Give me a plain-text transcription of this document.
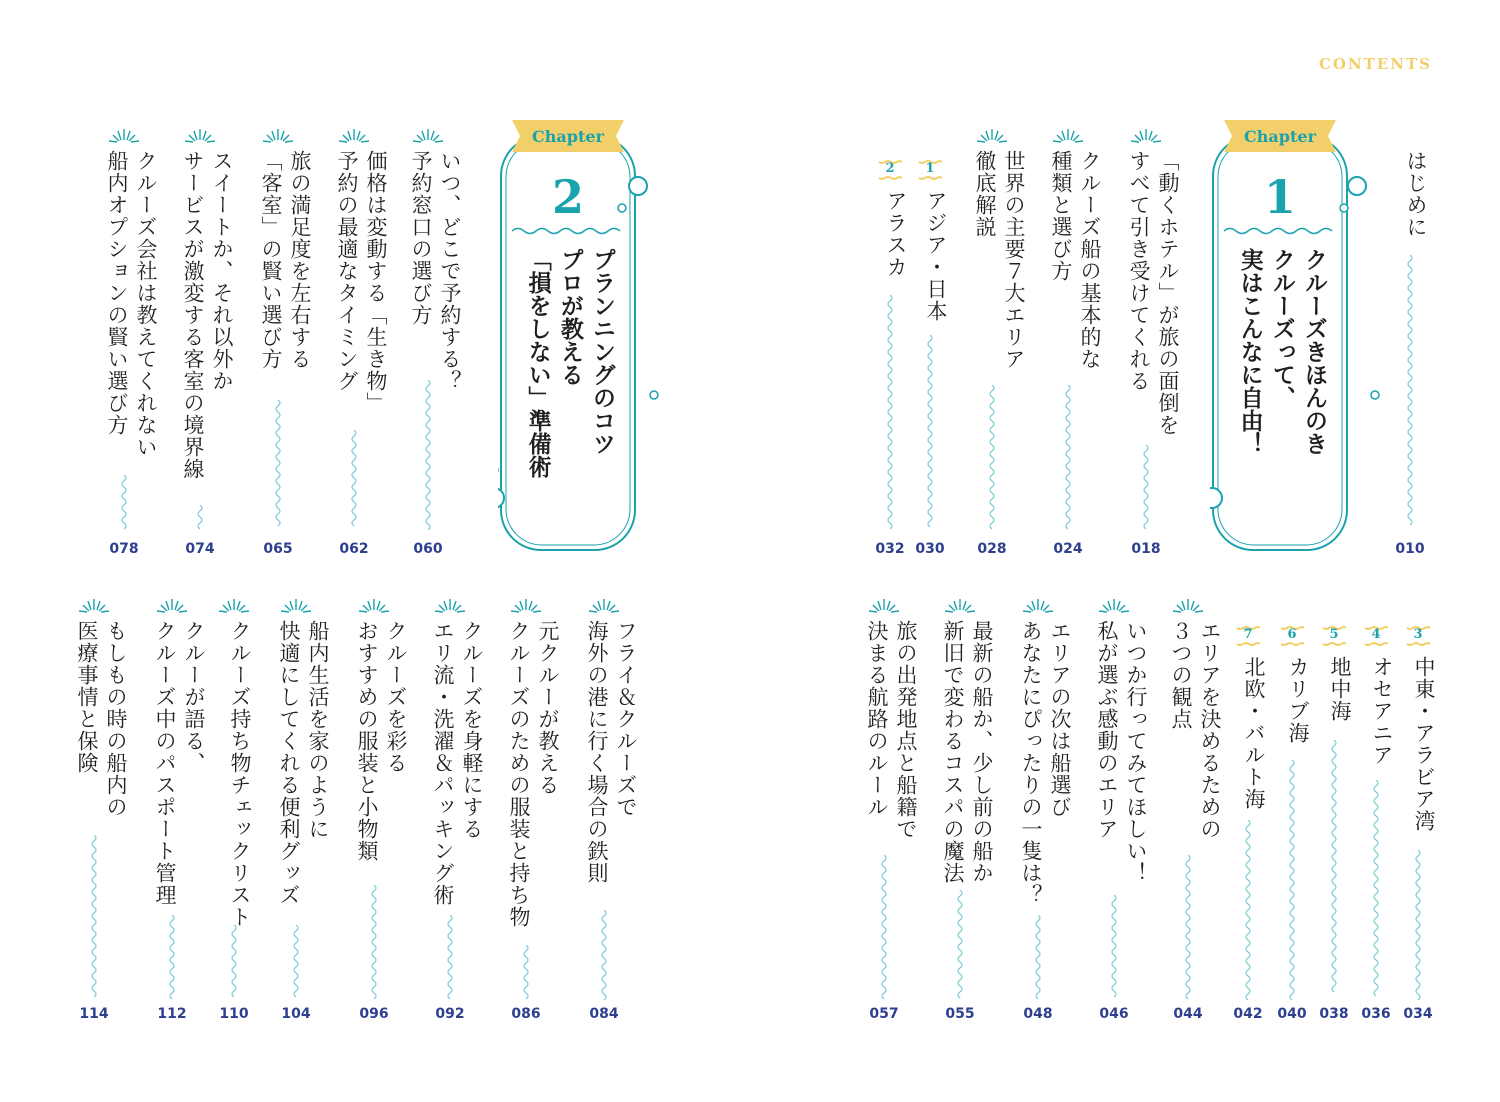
Chapter
2
プランニングのコツ
プロが教える
「損をしない」準備術
いつ、どこで予約する？
予約窓口の選び方
060
価格は変動する「生き物」
予約の最適なタイミング
062
旅の満足度を左右する
「客室」の賢い選び方
065
スイートか、それ以外か
サービスが激変する客室の境界線
074
クルーズ会社は教えてくれない
船内オプションの賢い選び方
078
フライ＆クルーズで
海外の港に行く場合の鉄則
084
元クルーが教える
クルーズのための服装と持ち物
086
クルーズを身軽にする
エリ流・洗濯＆パッキング術
092
クルーズを彩る
おすすめの服装と小物類
096
船内生活を家のように
快適にしてくれる便利グッズ
104
クルーズ持ち物チェックリスト
110
クルーが語る、
クルーズ中のパスポート管理
112
もしもの時の船内の
医療事情と保険
114
CONTENTS
はじめに
010
Chapter
1
クルーズきほんのき
クルーズって、
実はこんなに自由！
「動くホテル」が旅の面倒を
すべて引き受けてくれる
018
クルーズ船の基本的な
種類と選び方
024
世界の主要７大エリア
徹底解説
028
1
アジア・日本
030
2
アラスカ
032
3
中東・アラビア湾
034
4
オセアニア
036
5
地中海
038
6
カリブ海
040
7
北欧・バルト海
042
エリアを決めるための
３つの観点
044
いつか行ってみてほしい！
私が選ぶ感動のエリア
046
エリアの次は船選び
あなたにぴったりの一隻は？
048
最新の船か、少し前の船か
新旧で変わるコスパの魔法
055
旅の出発地点と船籍で
決まる航路のルール
057
